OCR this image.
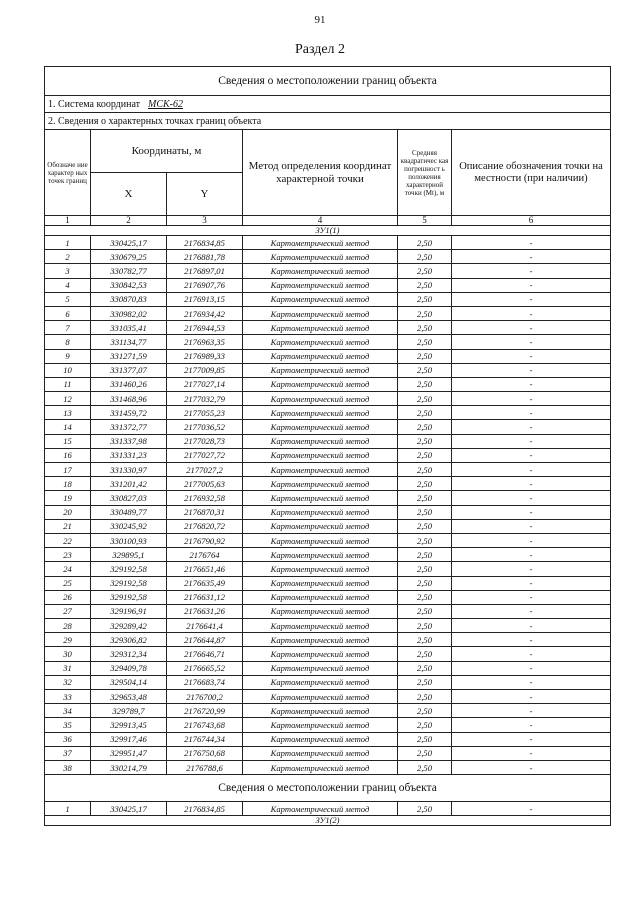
91
Раздел 2
Сведения о местоположении границ объекта					
1. Система координат МСК-62					
2. Сведения о характерных точках границ объекта					
Обозначе ние характер ных точек границ	Координаты, м		Метод определения координат характерной точки	Средняя квадратичес кая погрешност ь положения характерной точки (Mt), м	Описание обозначения точки на местности (при наличии)
	X	Y			
1	2	3	4	5	6
ЗУ1(1)					
1	330425,17	2176834,85	Картометрический метод	2,50	-
2	330679,25	2176881,78	Картометрический метод	2,50	-
3	330782,77	2176897,01	Картометрический метод	2,50	-
4	330842,53	2176907,76	Картометрический метод	2,50	-
5	330870,83	2176913,15	Картометрический метод	2,50	-
6	330982,02	2176934,42	Картометрический метод	2,50	-
7	331035,41	2176944,53	Картометрический метод	2,50	-
8	331134,77	2176963,35	Картометрический метод	2,50	-
9	331271,59	2176989,33	Картометрический метод	2,50	-
10	331377,07	2177009,85	Картометрический метод	2,50	-
11	331460,26	2177027,14	Картометрический метод	2,50	-
12	331468,96	2177032,79	Картометрический метод	2,50	-
13	331459,72	2177055,23	Картометрический метод	2,50	-
14	331372,77	2177036,52	Картометрический метод	2,50	-
15	331337,98	2177028,73	Картометрический метод	2,50	-
16	331331,23	2177027,72	Картометрический метод	2,50	-
17	331330,97	2177027,2	Картометрический метод	2,50	-
18	331201,42	2177005,63	Картометрический метод	2,50	-
19	330827,03	2176932,58	Картометрический метод	2,50	-
20	330489,77	2176870,31	Картометрический метод	2,50	-
21	330245,92	2176820,72	Картометрический метод	2,50	-
22	330100,93	2176790,92	Картометрический метод	2,50	-
23	329895,1	2176764	Картометрический метод	2,50	-
24	329192,58	2176651,46	Картометрический метод	2,50	-
25	329192,58	2176635,49	Картометрический метод	2,50	-
26	329192,58	2176631,12	Картометрический метод	2,50	-
27	329196,91	2176631,26	Картометрический метод	2,50	-
28	329289,42	2176641,4	Картометрический метод	2,50	-
29	329306,82	2176644,87	Картометрический метод	2,50	-
30	329312,34	2176646,71	Картометрический метод	2,50	-
31	329409,78	2176665,52	Картометрический метод	2,50	-
32	329504,14	2176683,74	Картометрический метод	2,50	-
33	329653,48	2176700,2	Картометрический метод	2,50	-
34	329789,7	2176720,99	Картометрический метод	2,50	-
35	329913,45	2176743,68	Картометрический метод	2,50	-
36	329917,46	2176744,34	Картометрический метод	2,50	-
37	329951,47	2176750,68	Картометрический метод	2,50	-
38	330214,79	2176788,6	Картометрический метод	2,50	-
Сведения о местоположении границ объекта					
1	330425,17	2176834,85	Картометрический метод	2,50	-
ЗУ1(2)					
